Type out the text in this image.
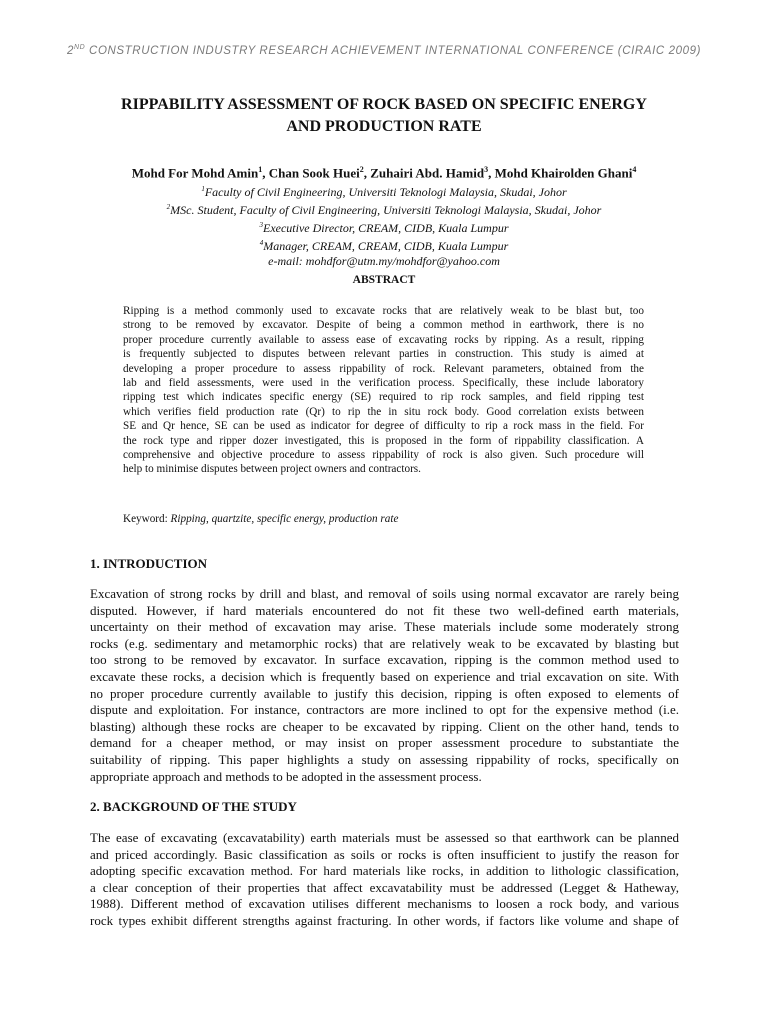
2ND CONSTRUCTION INDUSTRY RESEARCH ACHIEVEMENT INTERNATIONAL CONFERENCE (CIRAIC 2009)
RIPPABILITY ASSESSMENT OF ROCK BASED ON SPECIFIC ENERGY
AND PRODUCTION RATE
Mohd For Mohd Amin$^1$, Chan Sook Huei$^2$, Zuhairi Abd. Hamid$^3$, Mohd Khairolden Ghani$^4$
$^1$Faculty of Civil Engineering, Universiti Teknologi Malaysia, Skudai, Johor
$^2$MSc. Student, Faculty of Civil Engineering, Universiti Teknologi Malaysia, Skudai, Johor
$^3$Executive Director, CREAM, CIDB, Kuala Lumpur
$^4$Manager, CREAM, CREAM, CIDB, Kuala Lumpur
e-mail: mohdfor@utm.my/mohdfor@yahoo.com
ABSTRACT
Ripping is a method commonly used to excavate rocks that are relatively weak to be blast but, too
strong to be removed by excavator. Despite of being a common method in earthwork, there is no
proper procedure currently available to assess ease of excavating rocks by ripping. As a result, ripping
is frequently subjected to disputes between relevant parties in construction. This study is aimed at
developing a proper procedure to assess rippability of rock. Relevant parameters, obtained from the
lab and field assessments, were used in the verification process. Specifically, these include laboratory
ripping test which indicates specific energy (SE) required to rip rock samples, and field ripping test
which verifies field production rate (Qr) to rip the in situ rock body. Good correlation exists between
SE and Qr hence, SE can be used as indicator for degree of difficulty to rip a rock mass in the field. For
the rock type and ripper dozer investigated, this is proposed in the form of rippability classification. A
comprehensive and objective procedure to assess rippability of rock is also given. Such procedure will
help to minimise disputes between project owners and contractors.
Keyword: Ripping, quartzite, specific energy, production rate
1. INTRODUCTION
Excavation of strong rocks by drill and blast, and removal of soils using normal excavator are rarely being
disputed. However, if hard materials encountered do not fit these two well-defined earth materials,
uncertainty on their method of excavation may arise. These materials include some moderately strong
rocks (e.g. sedimentary and metamorphic rocks) that are relatively weak to be excavated by blasting but
too strong to be removed by excavator. In surface excavation, ripping is the common method used to
excavate these rocks, a decision which is frequently based on experience and trial excavation on site. With
no proper procedure currently available to justify this decision, ripping is often exposed to elements of
dispute and exploitation. For instance, contractors are more inclined to opt for the expensive method (i.e.
blasting) although these rocks are cheaper to be excavated by ripping. Client on the other hand, tends to
demand for a cheaper method, or may insist on proper assessment procedure to substantiate the
suitability of ripping. This paper highlights a study on assessing rippability of rocks, specifically on
appropriate approach and methods to be adopted in the assessment process.
2. BACKGROUND OF THE STUDY
The ease of excavating (excavatability) earth materials must be assessed so that earthwork can be planned
and priced accordingly. Basic classification as soils or rocks is often insufficient to justify the reason for
adopting specific excavation method. For hard materials like rocks, in addition to lithologic classification,
a clear conception of their properties that affect excavatability must be addressed (Legget & Hatheway,
1988). Different method of excavation utilises different mechanisms to loosen a rock body, and various
rock types exhibit different strengths against fracturing. In other words, if factors like volume and shape of
